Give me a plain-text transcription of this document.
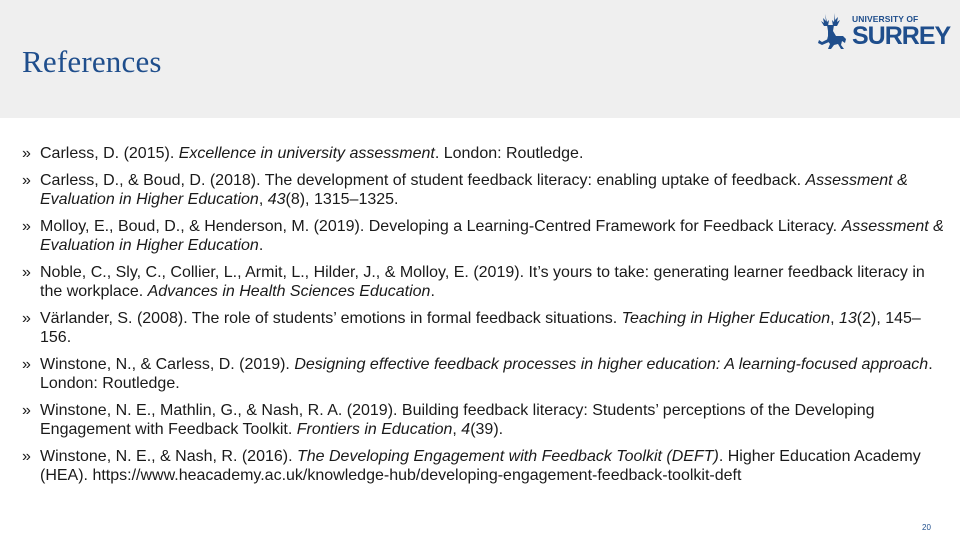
References
UNIVERSITY OF
SURREY
» Carless, D. (2015). Excellence in university assessment. London: Routledge.
» Carless, D., & Boud, D. (2018). The development of student feedback literacy: enabling uptake of feedback. Assessment & Evaluation in Higher Education, 43(8), 1315–1325.
» Molloy, E., Boud, D., & Henderson, M. (2019). Developing a Learning-Centred Framework for Feedback Literacy. Assessment & Evaluation in Higher Education.
» Noble, C., Sly, C., Collier, L., Armit, L., Hilder, J., & Molloy, E. (2019). It’s yours to take: generating learner feedback literacy in the workplace. Advances in Health Sciences Education.
» Värlander, S. (2008). The role of students’ emotions in formal feedback situations. Teaching in Higher Education, 13(2), 145–156.
» Winstone, N., & Carless, D. (2019). Designing effective feedback processes in higher education: A learning-focused approach. London: Routledge.
» Winstone, N. E., Mathlin, G., & Nash, R. A. (2019). Building feedback literacy: Students’ perceptions of the Developing Engagement with Feedback Toolkit. Frontiers in Education, 4(39).
» Winstone, N. E., & Nash, R. (2016). The Developing Engagement with Feedback Toolkit (DEFT). Higher Education Academy (HEA). https://www.heacademy.ac.uk/knowledge-hub/developing-engagement-feedback-toolkit-deft
20
